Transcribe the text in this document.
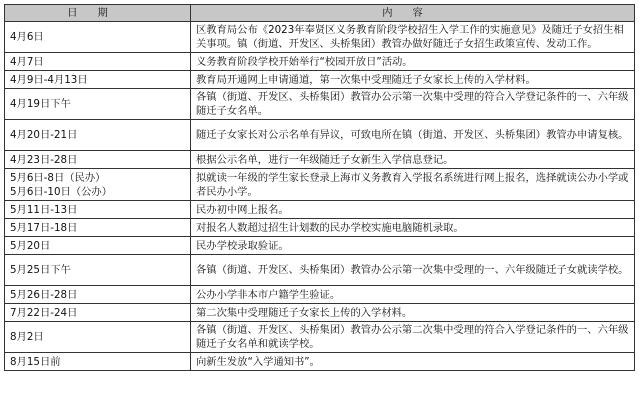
日期	内容

4月6日	区教育局公布《2023年奉贤区义务教育阶段学校招生入学工作的实施意见》及随迁子女招生相关事项。镇（街道、开发区、头桥集团）教管办做好随迁子女招生政策宣传、发动工作。

4月7日	义务教育阶段学校开始举行“校园开放日”活动。

4月9日-4月13日	教育局开通网上申请通道，第一次集中受理随迁子女家长上传的入学材料。

4月19日下午	各镇（街道、开发区、头桥集团）教管办公示第一次集中受理的符合入学登记条件的一、六年级随迁子女名单。

4月20日-21日	随迁子女家长对公示名单有异议，可致电所在镇（街道、开发区、头桥集团）教管办申请复核。

4月23日-28日	根据公示名单，进行一年级随迁子女新生入学信息登记。

5月6日-8日（民办）
5月6日-10日（公办）	拟就读一年级的学生家长登录上海市义务教育入学报名系统进行网上报名，选择就读公办小学或者民办小学。

5月11日-13日	民办初中网上报名。

5月17日-18日	对报名人数超过招生计划数的民办学校实施电脑随机录取。

5月20日	民办学校录取验证。

5月25日下午	各镇（街道、开发区、头桥集团）教管办公示第一次集中受理的一、六年级随迁子女就读学校。

5月26日-28日	公办小学非本市户籍学生验证。

7月22日-24日	第二次集中受理随迁子女家长上传的入学材料。

8月2日	各镇（街道、开发区、头桥集团）教管办公示第二次集中受理的符合入学登记条件的一、六年级随迁子女名单和就读学校。

8月15日前	向新生发放“入学通知书”。
